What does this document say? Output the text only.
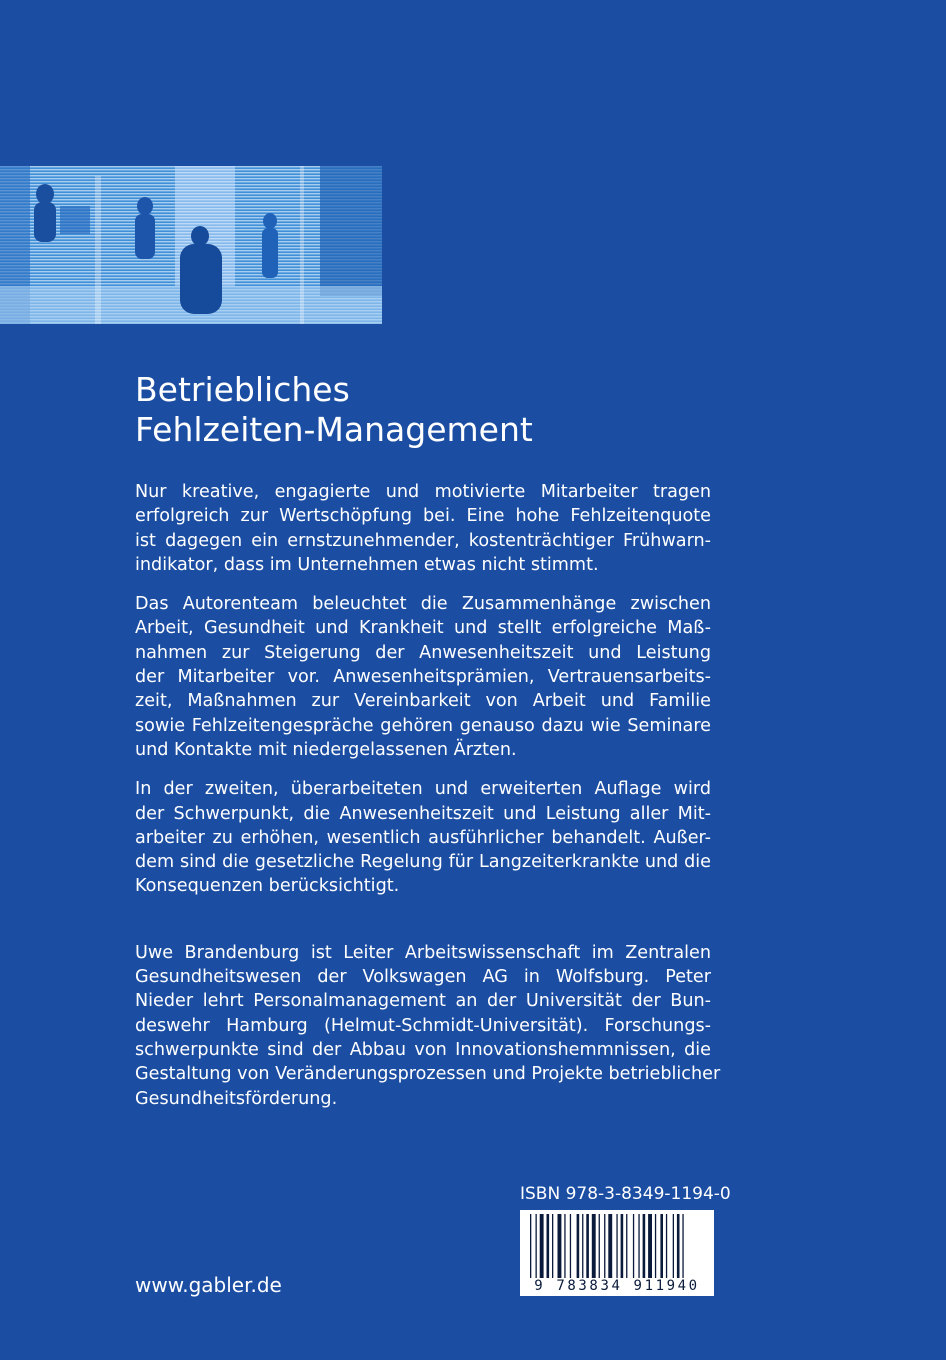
Betriebliches
Fehlzeiten-Management

Nur kreative, engagierte und motivierte Mitarbeiter tragen
erfolgreich zur Wertschöpfung bei. Eine hohe Fehlzeitenquote
ist dagegen ein ernstzunehmender, kostenträchtiger Frühwarn-
indikator, dass im Unternehmen etwas nicht stimmt.

Das Autorenteam beleuchtet die Zusammenhänge zwischen
Arbeit, Gesundheit und Krankheit und stellt erfolgreiche Maß-
nahmen zur Steigerung der Anwesenheitszeit und Leistung
der Mitarbeiter vor. Anwesenheitsprämien, Vertrauensarbeits-
zeit, Maßnahmen zur Vereinbarkeit von Arbeit und Familie
sowie Fehlzeitengespräche gehören genauso dazu wie Seminare
und Kontakte mit niedergelassenen Ärzten.

In der zweiten, überarbeiteten und erweiterten Auflage wird
der Schwerpunkt, die Anwesenheitszeit und Leistung aller Mit-
arbeiter zu erhöhen, wesentlich ausführlicher behandelt. Außer-
dem sind die gesetzliche Regelung für Langzeiterkrankte und die
Konsequenzen berücksichtigt.

Uwe Brandenburg ist Leiter Arbeitswissenschaft im Zentralen
Gesundheitswesen der Volkswagen AG in Wolfsburg. Peter
Nieder lehrt Personalmanagement an der Universität der Bun-
deswehr Hamburg (Helmut-Schmidt-Universität). Forschungs-
schwerpunkte sind der Abbau von Innovationshemmnissen, die
Gestaltung von Veränderungsprozessen und Projekte betrieblicher
Gesundheitsförderung.

ISBN 978-3-8349-1194-0
9 783834 911940
www.gabler.de
